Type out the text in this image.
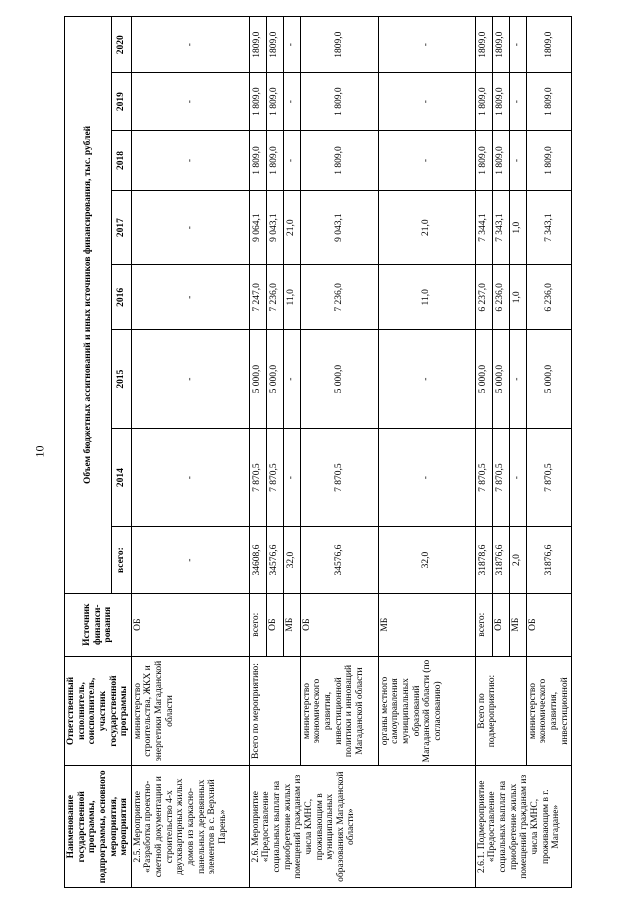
10
Наименование государственной программы, подпрограммы, основного мероприятия, мероприятия	Ответственный исполнитель, соисполнитель, участник государственной программы	Источник финанси-рования	Объем бюджетных ассигнований и иных источников финансирования, тыс. рублей							
			всего:	2014	2015	2016	2017	2018	2019	2020
2.5. Мероприятие «Разработка проектно-сметной документации и строительство 4-х двухквартирных жилых домов из каркасно-панельных деревянных элементов в с. Верхний Парень»	министерство строительства, ЖКХ и энергетики Магаданской области	ОБ	-	-	-	-	-	-	-	-
2.6. Мероприятие «Предоставление социальных выплат на приобретение жилых помещений гражданам из числа КМНС, проживающим в муниципальных образованиях Магаданской области»	Всего по мероприятию:	всего:	34608,6	7 870,5	5 000,0	7 247,0	9 064,1	1 809,0	1 809,0	1809,0
		ОБ	34576,6	7 870,5	5 000,0	7 236,0	9 043,1	1 809,0	1 809,0	1809,0
		МБ	32,0	-	-	11,0	21,0	-	-	-
	министерство экономического развития, инвестиционной политики и инноваций Магаданской области	ОБ	34576,6	7 870,5	5 000,0	7 236,0	9 043,1	1 809,0	1 809,0	1809,0
	органы местного самоуправления муниципальных образований Магаданской области (по согласованию)	МБ	32,0	-	-	11,0	21,0	-	-	-
2.6.1. Подмероприятие «Предоставление социальных выплат на приобретение жилых помещений гражданам из числа КМНС, проживающим в г. Магадане»	Всего по подмероприятию:	всего:	31878,6	7 870,5	5 000,0	6 237,0	7 344,1	1 809,0	1 809,0	1809,0
		ОБ	31876,6	7 870,5	5 000,0	6 236,0	7 343,1	1 809,0	1 809,0	1809,0
		МБ	2,0	-	-	1,0	1,0	-	-	-
	министерство экономического развития, инвестиционной	ОБ	31876,6	7 870,5	5 000,0	6 236,0	7 343,1	1 809,0	1 809,0	1809,0
